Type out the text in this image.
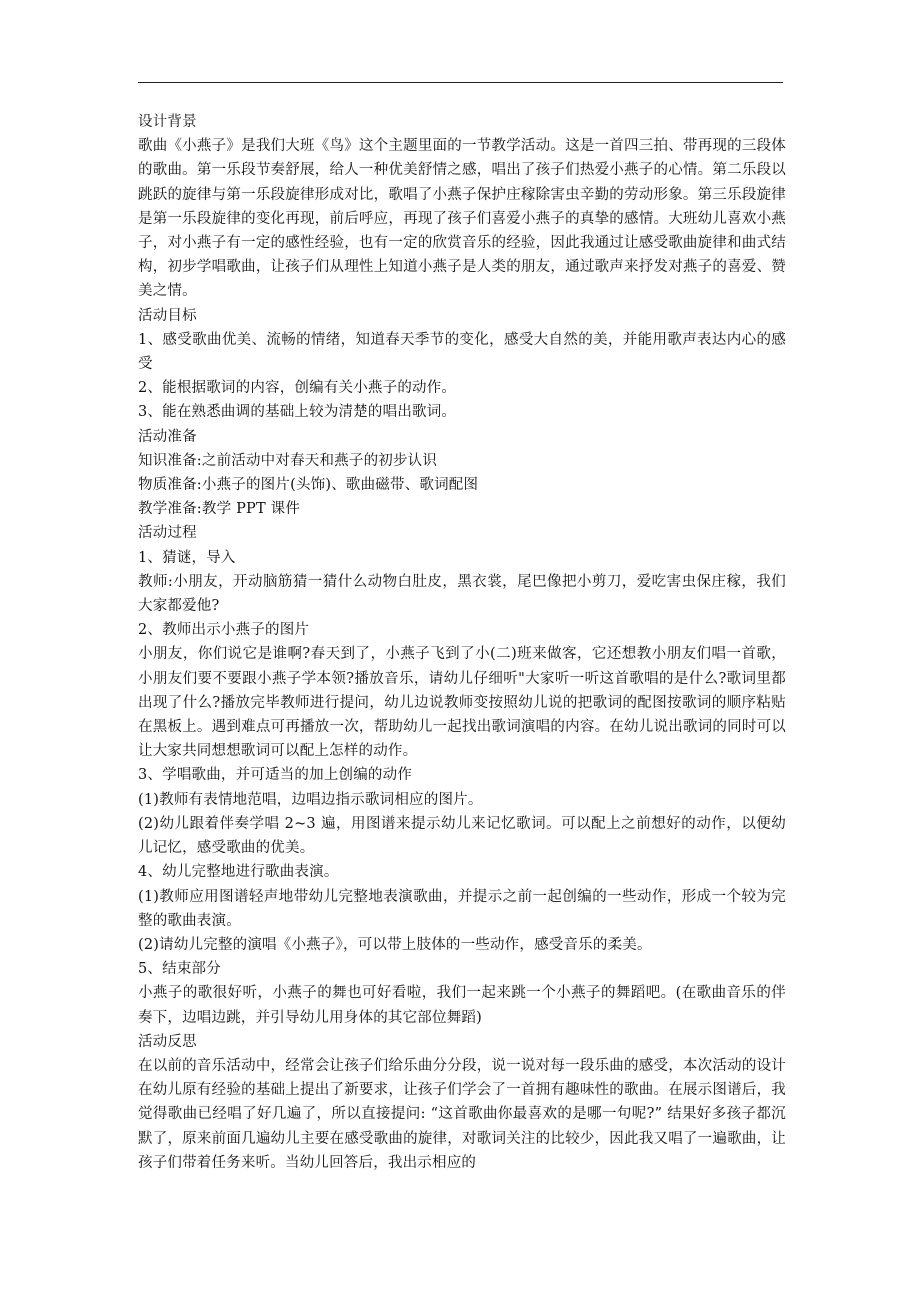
设计背景

歌曲《小燕子》是我们大班《鸟》这个主题里面的一节教学活动。这是一首四三拍、带再现的三段体的歌曲。第一乐段节奏舒展，给人一种优美舒情之感，唱出了孩子们热爱小燕子的心情。第二乐段以跳跃的旋律与第一乐段旋律形成对比，歌唱了小燕子保护庄稼除害虫辛勤的劳动形象。第三乐段旋律是第一乐段旋律的变化再现，前后呼应，再现了孩子们喜爱小燕子的真挚的感情。大班幼儿喜欢小燕子，对小燕子有一定的感性经验，也有一定的欣赏音乐的经验，因此我通过让感受歌曲旋律和曲式结构，初步学唱歌曲，让孩子们从理性上知道小燕子是人类的朋友，通过歌声来抒发对燕子的喜爱、赞美之情。

活动目标

1、感受歌曲优美、流畅的情绪，知道春天季节的变化，感受大自然的美，并能用歌声表达内心的感受

2、能根据歌词的内容，创编有关小燕子的动作。

3、能在熟悉曲调的基础上较为清楚的唱出歌词。

活动准备

知识准备:之前活动中对春天和燕子的初步认识

物质准备:小燕子的图片(头饰)、歌曲磁带、歌词配图

教学准备:教学 PPT 课件

活动过程

1、猜谜，导入

教师:小朋友，开动脑筋猜一猜什么动物白肚皮，黑衣裳，尾巴像把小剪刀，爱吃害虫保庄稼，我们大家都爱他?

2、教师出示小燕子的图片

小朋友，你们说它是谁啊?春天到了，小燕子飞到了小(二)班来做客，它还想教小朋友们唱一首歌，小朋友们要不要跟小燕子学本领?播放音乐，请幼儿仔细听"大家听一听这首歌唱的是什么?歌词里都出现了什么?播放完毕教师进行提问，幼儿边说教师变按照幼儿说的把歌词的配图按歌词的顺序粘贴在黑板上。遇到难点可再播放一次，帮助幼儿一起找出歌词演唱的内容。在幼儿说出歌词的同时可以让大家共同想想歌词可以配上怎样的动作。

3、学唱歌曲，并可适当的加上创编的动作

(1)教师有表情地范唱，边唱边指示歌词相应的图片。

(2)幼儿跟着伴奏学唱 2~3 遍，用图谱来提示幼儿来记忆歌词。可以配上之前想好的动作，以便幼儿记忆，感受歌曲的优美。

4、幼儿完整地进行歌曲表演。

(1)教师应用图谱轻声地带幼儿完整地表演歌曲，并提示之前一起创编的一些动作，形成一个较为完整的歌曲表演。

(2)请幼儿完整的演唱《小燕子》，可以带上肢体的一些动作，感受音乐的柔美。

5、结束部分

小燕子的歌很好听，小燕子的舞也可好看啦，我们一起来跳一个小燕子的舞蹈吧。(在歌曲音乐的伴奏下，边唱边跳，并引导幼儿用身体的其它部位舞蹈)

活动反思

在以前的音乐活动中，经常会让孩子们给乐曲分分段，说一说对每一段乐曲的感受，本次活动的设计在幼儿原有经验的基础上提出了新要求，让孩子们学会了一首拥有趣味性的歌曲。在展示图谱后，我觉得歌曲已经唱了好几遍了，所以直接提问: “这首歌曲你最喜欢的是哪一句呢?” 结果好多孩子都沉默了，原来前面几遍幼儿主要在感受歌曲的旋律，对歌词关注的比较少，因此我又唱了一遍歌曲，让孩子们带着任务来听。当幼儿回答后，我出示相应的
